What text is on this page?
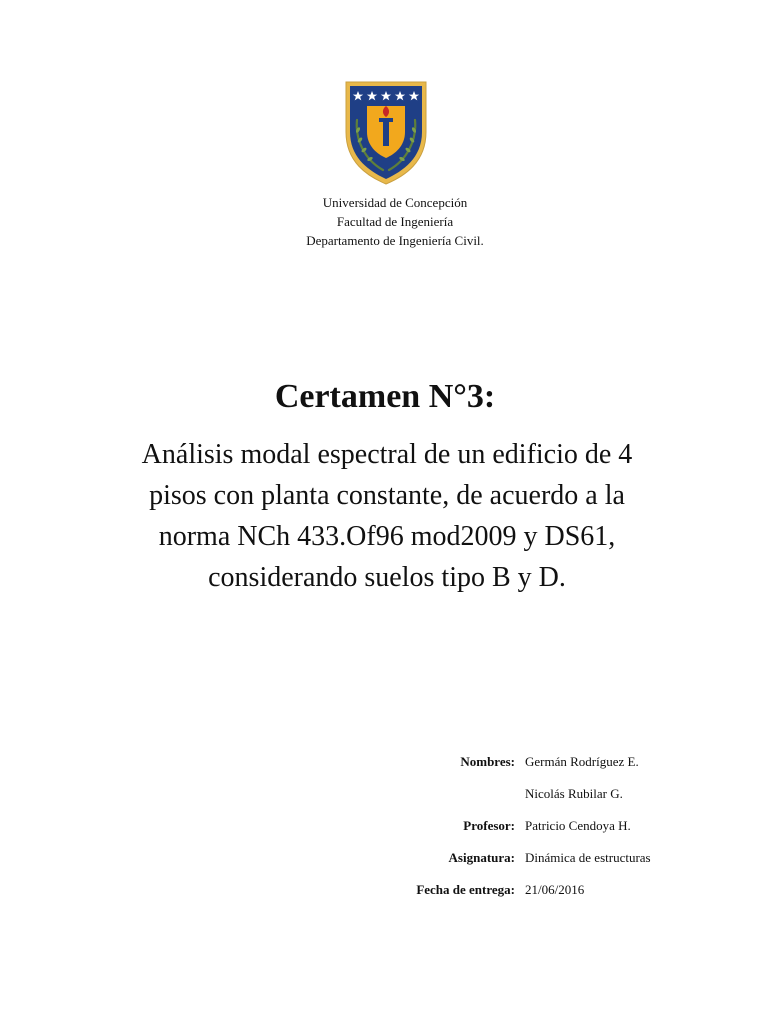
Universidad de Concepción
Facultad de Ingeniería
Departamento de Ingeniería Civil.
Certamen N°3:
Análisis modal espectral de un edificio de 4
pisos con planta constante, de acuerdo a la
norma NCh 433.Of96 mod2009 y DS61,
considerando suelos tipo B y D.
Nombres: Germán Rodríguez E.
Nicolás Rubilar G.
Profesor: Patricio Cendoya H.
Asignatura: Dinámica de estructuras
Fecha de entrega: 21/06/2016
